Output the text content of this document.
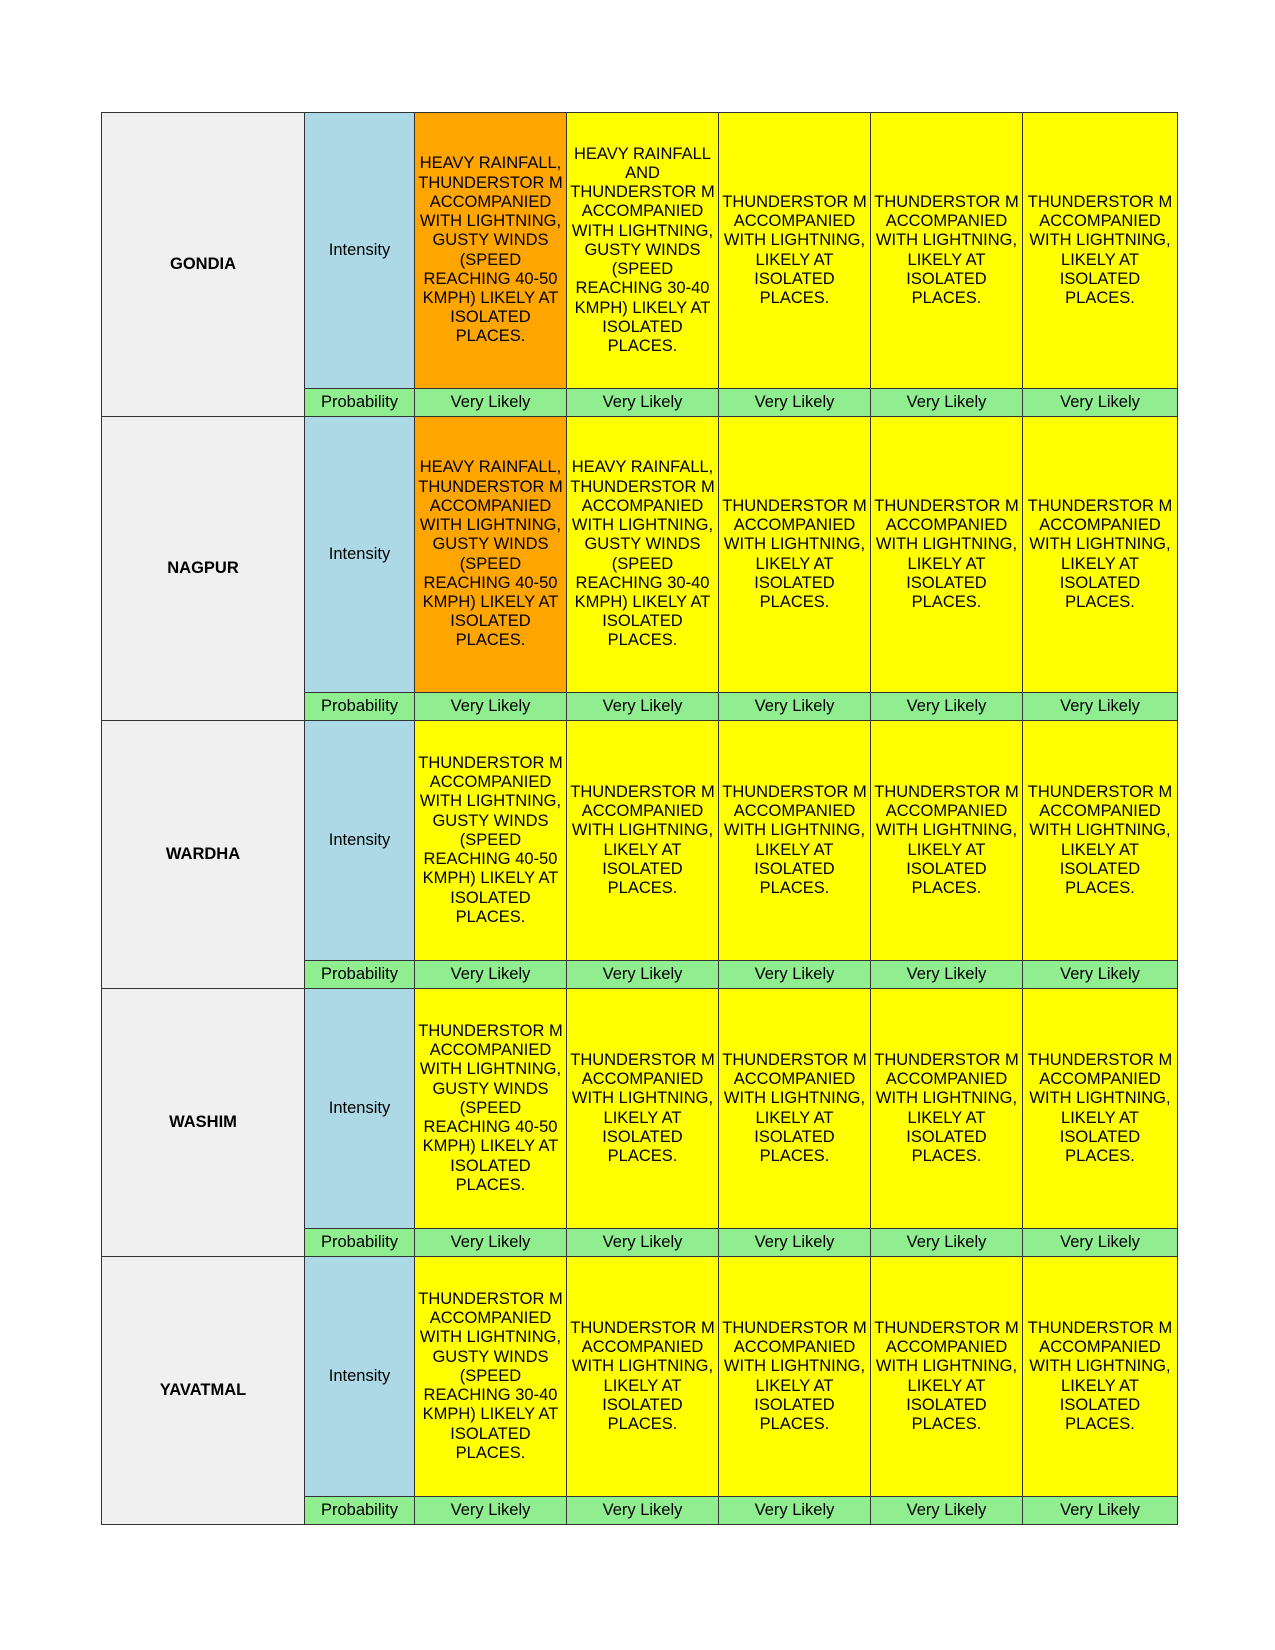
GONDIA	Intensity	HEAVY RAINFALL, THUNDERSTOR M ACCOMPANIED WITH LIGHTNING, GUSTY WINDS (SPEED REACHING 40-50 KMPH) LIKELY AT ISOLATED PLACES.	HEAVY RAINFALL AND THUNDERSTOR M ACCOMPANIED WITH LIGHTNING, GUSTY WINDS (SPEED REACHING 30-40 KMPH) LIKELY AT ISOLATED PLACES.	THUNDERSTOR M ACCOMPANIED WITH LIGHTNING, LIKELY AT ISOLATED PLACES.	THUNDERSTOR M ACCOMPANIED WITH LIGHTNING, LIKELY AT ISOLATED PLACES.	THUNDERSTOR M ACCOMPANIED WITH LIGHTNING, LIKELY AT ISOLATED PLACES.
	Probability	Very Likely	Very Likely	Very Likely	Very Likely	Very Likely
NAGPUR	Intensity	HEAVY RAINFALL, THUNDERSTOR M ACCOMPANIED WITH LIGHTNING, GUSTY WINDS (SPEED REACHING 40-50 KMPH) LIKELY AT ISOLATED PLACES.	HEAVY RAINFALL, THUNDERSTOR M ACCOMPANIED WITH LIGHTNING, GUSTY WINDS (SPEED REACHING 30-40 KMPH) LIKELY AT ISOLATED PLACES.	THUNDERSTOR M ACCOMPANIED WITH LIGHTNING, LIKELY AT ISOLATED PLACES.	THUNDERSTOR M ACCOMPANIED WITH LIGHTNING, LIKELY AT ISOLATED PLACES.	THUNDERSTOR M ACCOMPANIED WITH LIGHTNING, LIKELY AT ISOLATED PLACES.
	Probability	Very Likely	Very Likely	Very Likely	Very Likely	Very Likely
WARDHA	Intensity	THUNDERSTOR M ACCOMPANIED WITH LIGHTNING, GUSTY WINDS (SPEED REACHING 40-50 KMPH) LIKELY AT ISOLATED PLACES.	THUNDERSTOR M ACCOMPANIED WITH LIGHTNING, LIKELY AT ISOLATED PLACES.	THUNDERSTOR M ACCOMPANIED WITH LIGHTNING, LIKELY AT ISOLATED PLACES.	THUNDERSTOR M ACCOMPANIED WITH LIGHTNING, LIKELY AT ISOLATED PLACES.	THUNDERSTOR M ACCOMPANIED WITH LIGHTNING, LIKELY AT ISOLATED PLACES.
	Probability	Very Likely	Very Likely	Very Likely	Very Likely	Very Likely
WASHIM	Intensity	THUNDERSTOR M ACCOMPANIED WITH LIGHTNING, GUSTY WINDS (SPEED REACHING 40-50 KMPH) LIKELY AT ISOLATED PLACES.	THUNDERSTOR M ACCOMPANIED WITH LIGHTNING, LIKELY AT ISOLATED PLACES.	THUNDERSTOR M ACCOMPANIED WITH LIGHTNING, LIKELY AT ISOLATED PLACES.	THUNDERSTOR M ACCOMPANIED WITH LIGHTNING, LIKELY AT ISOLATED PLACES.	THUNDERSTOR M ACCOMPANIED WITH LIGHTNING, LIKELY AT ISOLATED PLACES.
	Probability	Very Likely	Very Likely	Very Likely	Very Likely	Very Likely
YAVATMAL	Intensity	THUNDERSTOR M ACCOMPANIED WITH LIGHTNING, GUSTY WINDS (SPEED REACHING 30-40 KMPH) LIKELY AT ISOLATED PLACES.	THUNDERSTOR M ACCOMPANIED WITH LIGHTNING, LIKELY AT ISOLATED PLACES.	THUNDERSTOR M ACCOMPANIED WITH LIGHTNING, LIKELY AT ISOLATED PLACES.	THUNDERSTOR M ACCOMPANIED WITH LIGHTNING, LIKELY AT ISOLATED PLACES.	THUNDERSTOR M ACCOMPANIED WITH LIGHTNING, LIKELY AT ISOLATED PLACES.
	Probability	Very Likely	Very Likely	Very Likely	Very Likely	Very Likely
